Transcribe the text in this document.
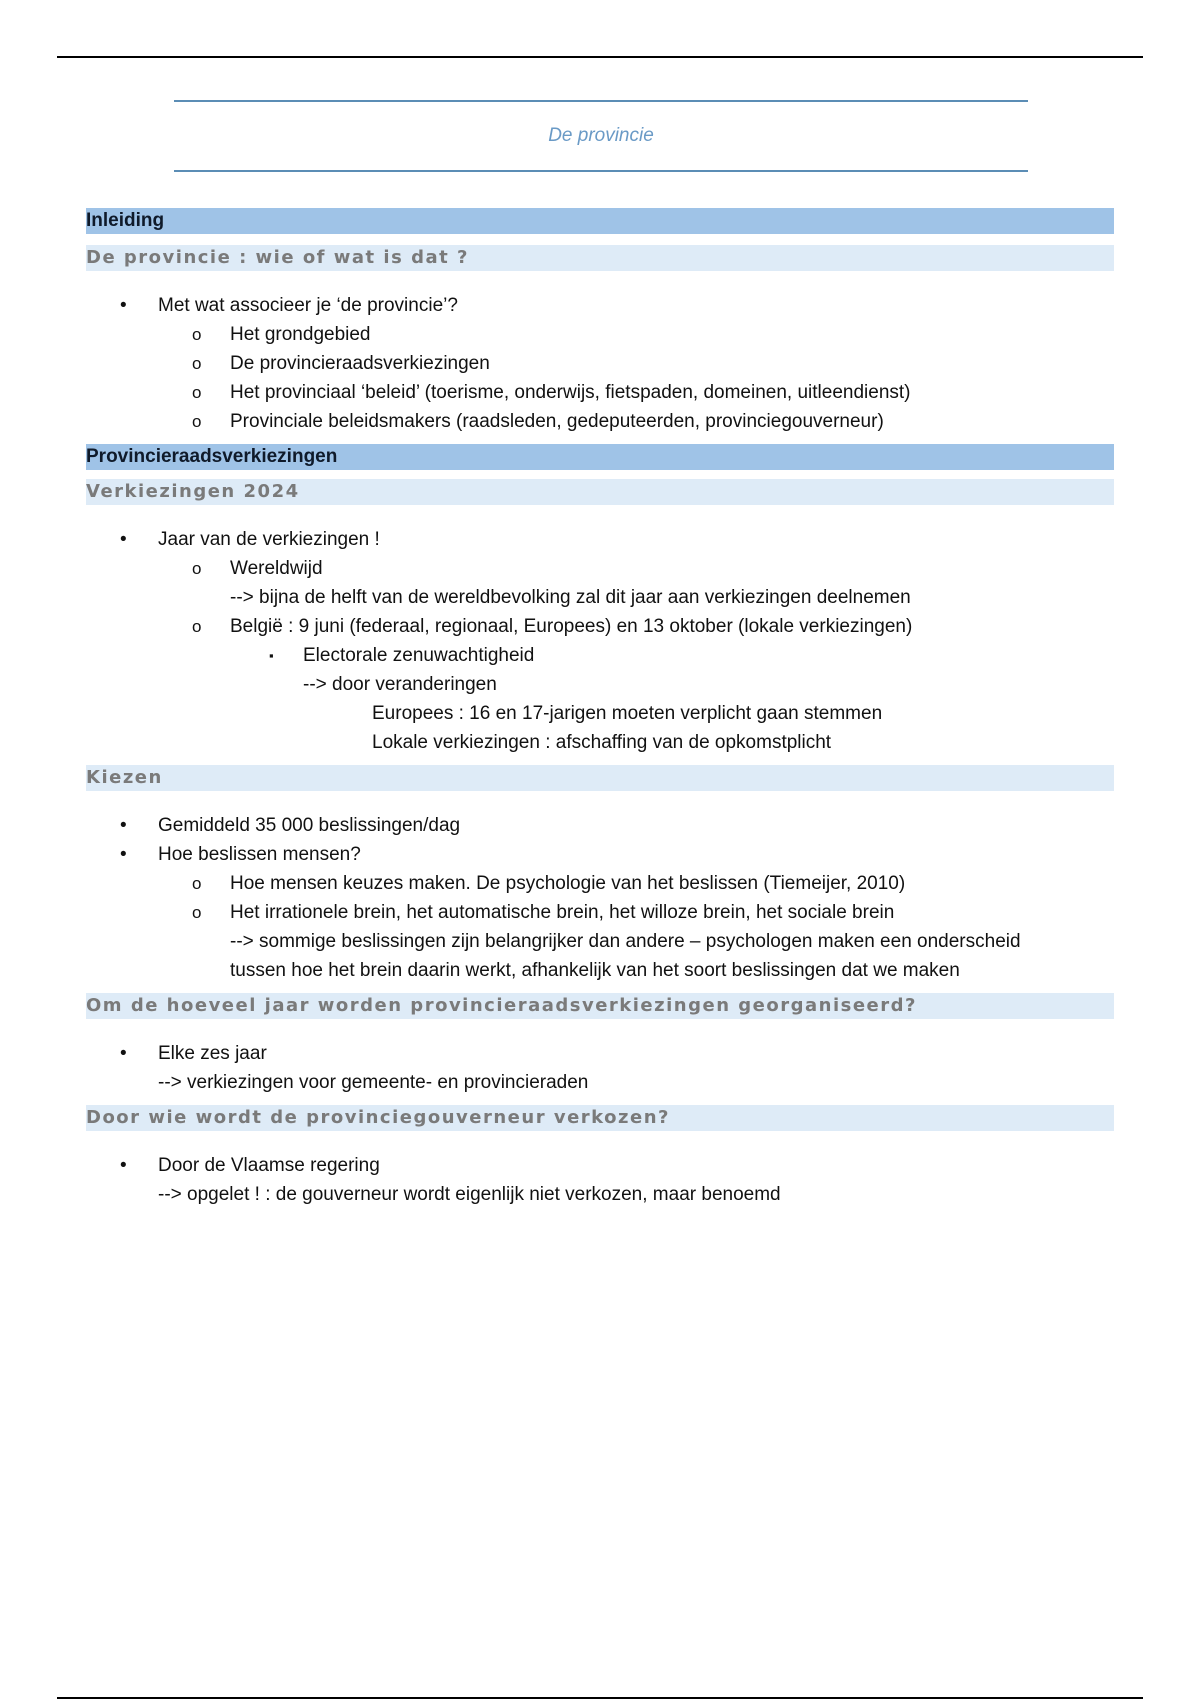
De provincie
Inleiding
De provincie : wie of wat is dat ?
• Met wat associeer je ‘de provincie’?
o Het grondgebied
o De provincieraadsverkiezingen
o Het provinciaal ‘beleid’ (toerisme, onderwijs, fietspaden, domeinen, uitleendienst)
o Provinciale beleidsmakers (raadsleden, gedeputeerden, provinciegouverneur)
Provincieraadsverkiezingen
Verkiezingen 2024
• Jaar van de verkiezingen !
o Wereldwijd
--> bijna de helft van de wereldbevolking zal dit jaar aan verkiezingen deelnemen
o België : 9 juni (federaal, regionaal, Europees) en 13 oktober (lokale verkiezingen)
▪ Electorale zenuwachtigheid
--> door veranderingen
Europees : 16 en 17-jarigen moeten verplicht gaan stemmen
Lokale verkiezingen : afschaffing van de opkomstplicht
Kiezen
• Gemiddeld 35 000 beslissingen/dag
• Hoe beslissen mensen?
o Hoe mensen keuzes maken. De psychologie van het beslissen (Tiemeijer, 2010)
o Het irrationele brein, het automatische brein, het willoze brein, het sociale brein
--> sommige beslissingen zijn belangrijker dan andere – psychologen maken een onderscheid
tussen hoe het brein daarin werkt, afhankelijk van het soort beslissingen dat we maken
Om de hoeveel jaar worden provincieraadsverkiezingen georganiseerd?
• Elke zes jaar
--> verkiezingen voor gemeente- en provincieraden
Door wie wordt de provinciegouverneur verkozen?
• Door de Vlaamse regering
--> opgelet ! : de gouverneur wordt eigenlijk niet verkozen, maar benoemd
